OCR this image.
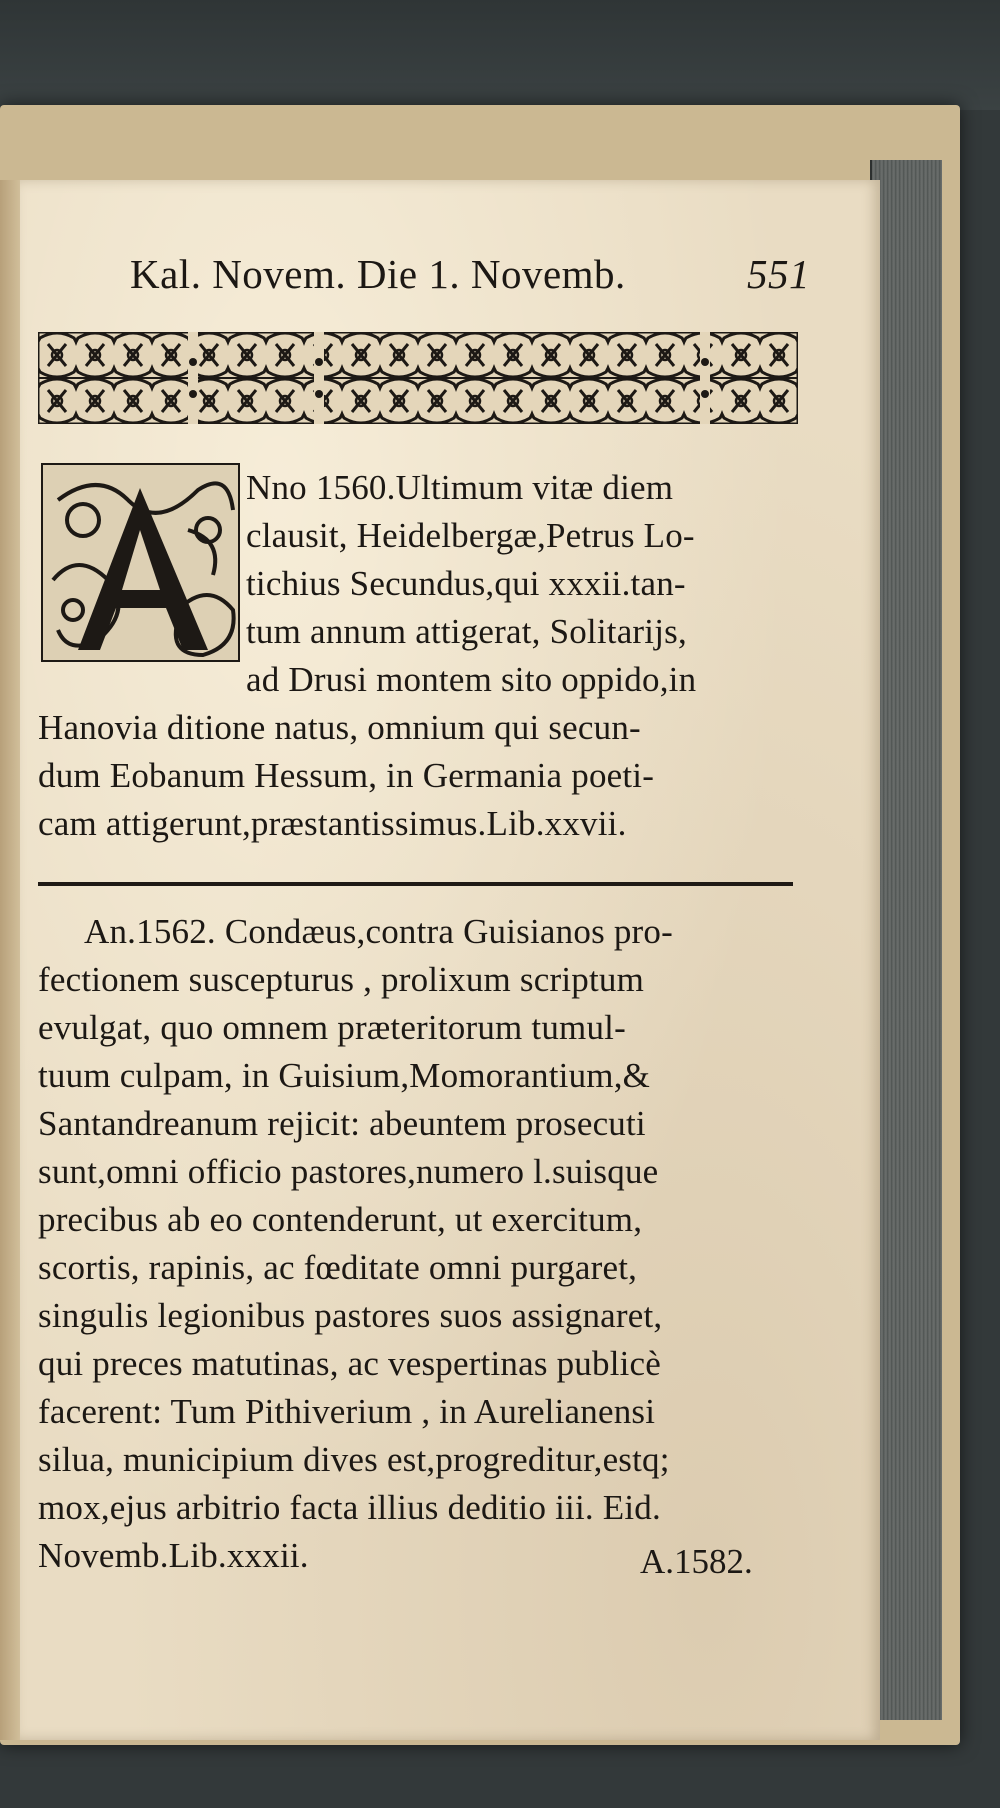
Kal. Novem. Die 1. Novemb.	551
Nno 1560.Ultimum vitæ diem
clausit, Heidelbergæ,Petrus Lo-
tichius Secundus,qui xxxii.tan-
tum annum attigerat, Solitarijs,
ad Drusi montem sito oppido,in
Hanovia ditione natus, omnium qui secun-
dum Eobanum Hessum, in Germania poeti-
cam attigerunt,præstantissimus.Lib.xxvii.
An.1562. Condæus,contra Guisianos pro-
fectionem suscepturus , prolixum scriptum
evulgat, quo omnem præteritorum tumul-
tuum culpam, in Guisium,Momorantium,&
Santandreanum rejicit: abeuntem prosecuti
sunt,omni officio pastores,numero l.suisque
precibus ab eo contenderunt, ut exercitum,
scortis, rapinis, ac fœditate omni purgaret,
singulis legionibus pastores suos assignaret,
qui preces matutinas, ac vespertinas publicè
facerent: Tum Pithiverium , in Aurelianensi
silua, municipium dives est,progreditur,estq;
mox,ejus arbitrio facta illius deditio iii. Eid.
Novemb.Lib.xxxii.	A.1582.
